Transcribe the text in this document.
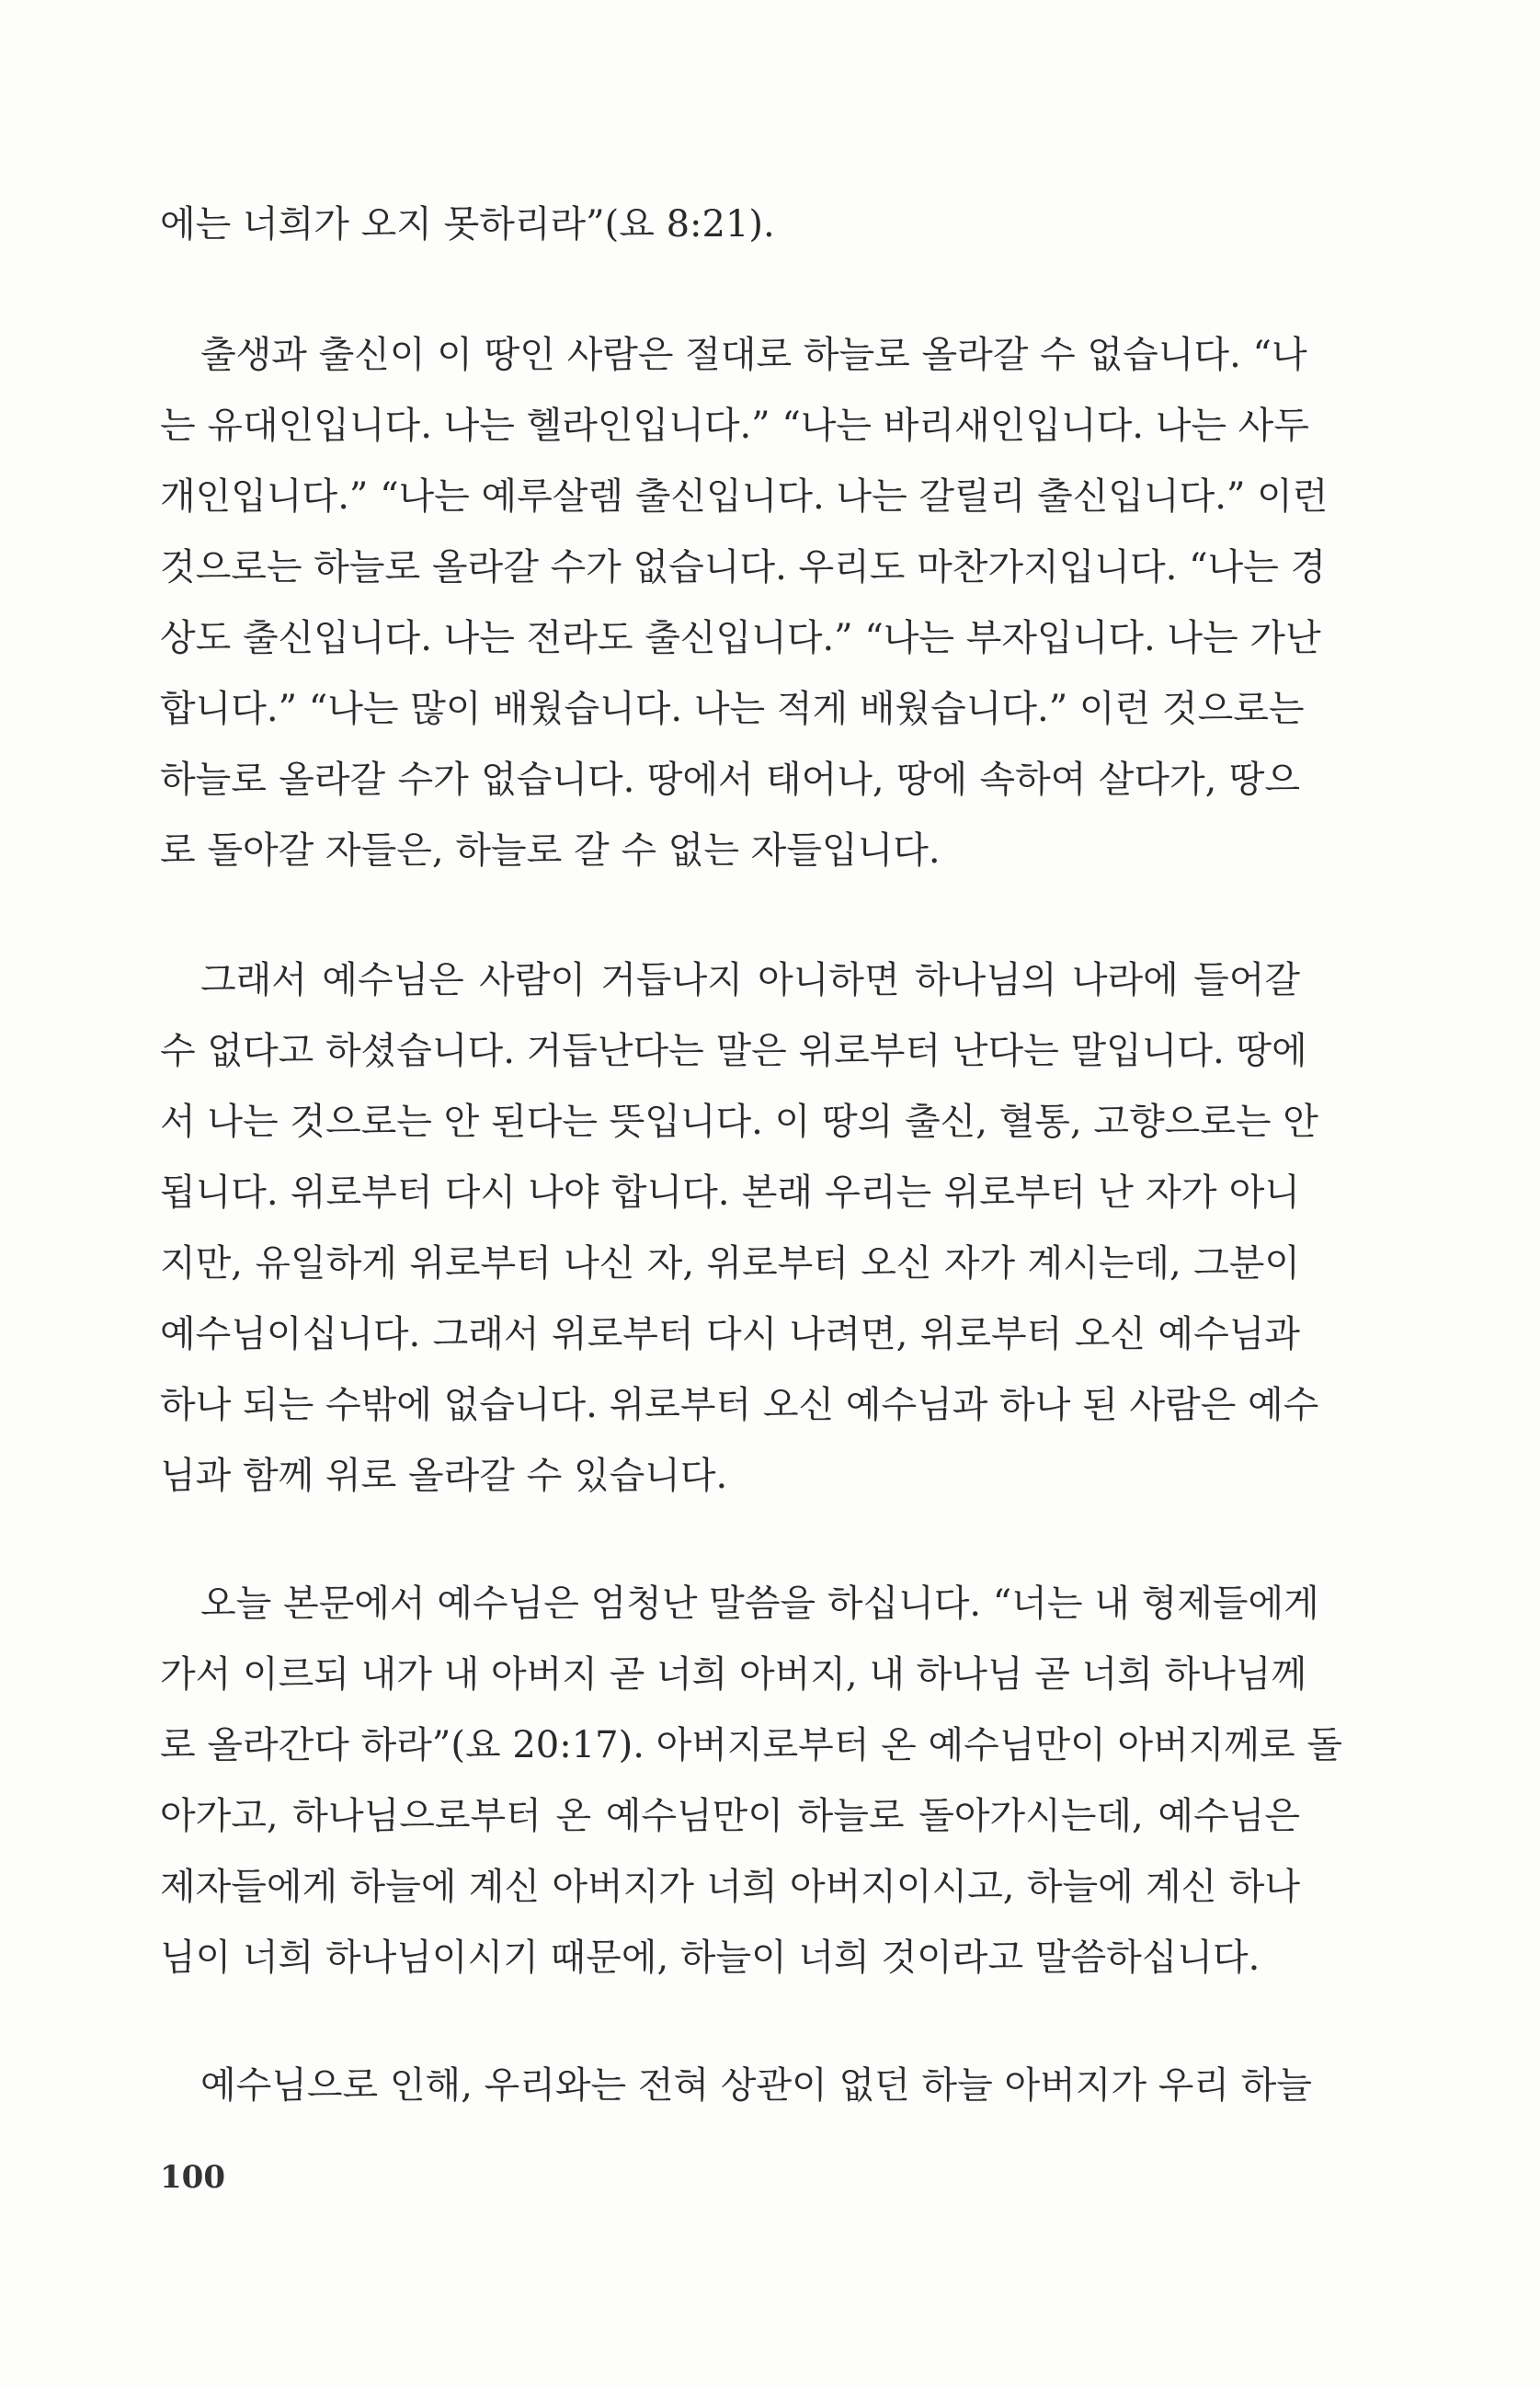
에는 너희가 오지 못하리라”(요 8:21).
출생과 출신이 이 땅인 사람은 절대로 하늘로 올라갈 수 없습니다. “나
는 유대인입니다. 나는 헬라인입니다.” “나는 바리새인입니다. 나는 사두
개인입니다.” “나는 예루살렘 출신입니다. 나는 갈릴리 출신입니다.” 이런
것으로는 하늘로 올라갈 수가 없습니다. 우리도 마찬가지입니다. “나는 경
상도 출신입니다. 나는 전라도 출신입니다.” “나는 부자입니다. 나는 가난
합니다.” “나는 많이 배웠습니다. 나는 적게 배웠습니다.” 이런 것으로는
하늘로 올라갈 수가 없습니다. 땅에서 태어나, 땅에 속하여 살다가, 땅으
로 돌아갈 자들은, 하늘로 갈 수 없는 자들입니다.
그래서 예수님은 사람이 거듭나지 아니하면 하나님의 나라에 들어갈
수 없다고 하셨습니다. 거듭난다는 말은 위로부터 난다는 말입니다. 땅에
서 나는 것으로는 안 된다는 뜻입니다. 이 땅의 출신, 혈통, 고향으로는 안
됩니다. 위로부터 다시 나야 합니다. 본래 우리는 위로부터 난 자가 아니
지만, 유일하게 위로부터 나신 자, 위로부터 오신 자가 계시는데, 그분이
예수님이십니다. 그래서 위로부터 다시 나려면, 위로부터 오신 예수님과
하나 되는 수밖에 없습니다. 위로부터 오신 예수님과 하나 된 사람은 예수
님과 함께 위로 올라갈 수 있습니다.
오늘 본문에서 예수님은 엄청난 말씀을 하십니다. “너는 내 형제들에게
가서 이르되 내가 내 아버지 곧 너희 아버지, 내 하나님 곧 너희 하나님께
로 올라간다 하라”(요 20:17). 아버지로부터 온 예수님만이 아버지께로 돌
아가고, 하나님으로부터 온 예수님만이 하늘로 돌아가시는데, 예수님은
제자들에게 하늘에 계신 아버지가 너희 아버지이시고, 하늘에 계신 하나
님이 너희 하나님이시기 때문에, 하늘이 너희 것이라고 말씀하십니다.
예수님으로 인해, 우리와는 전혀 상관이 없던 하늘 아버지가 우리 하늘
100
